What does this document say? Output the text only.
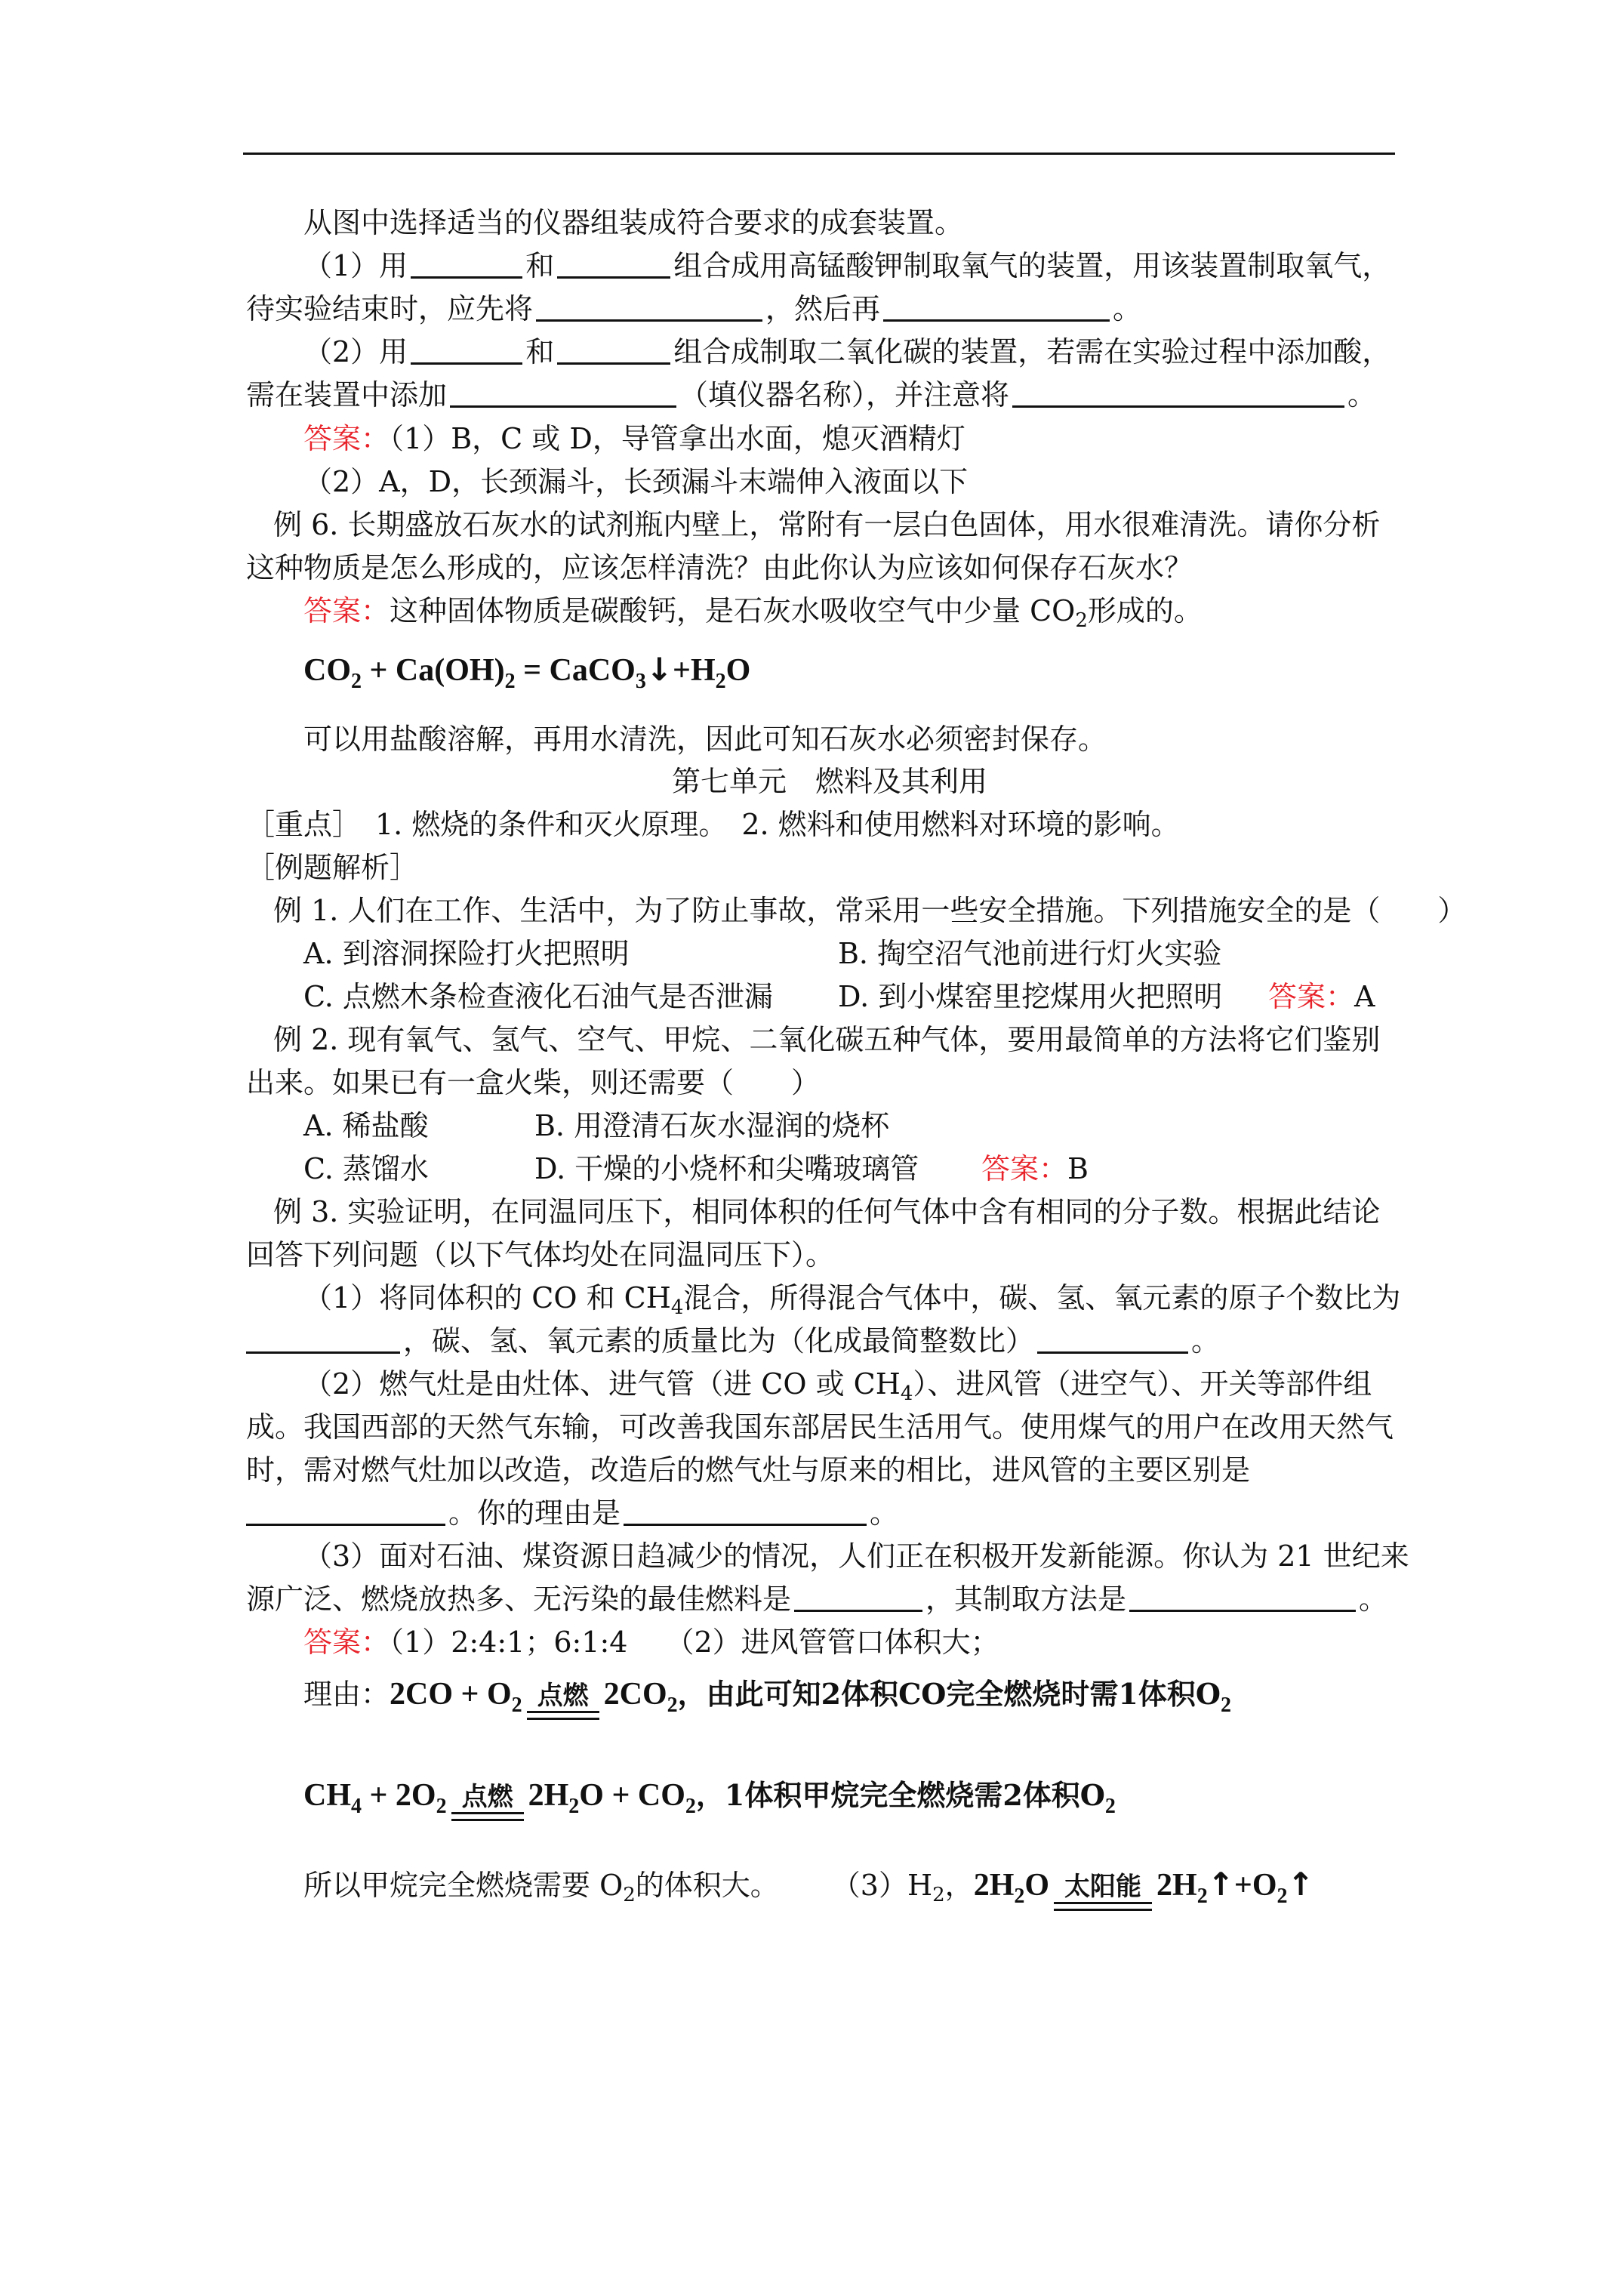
从图中选择适当的仪器组装成符合要求的成套装置。

（1）用	和	组合成用高锰酸钾制取氧气的装置，用该装置制取氧气，

待实验结束时，应先将	，然后再	。

（2）用	和	组合成制取二氧化碳的装置，若需在实验过程中添加酸，

需在装置中添加	（填仪器名称），并注意将	。

答案：（1）B，C 或 D，导管拿出水面，熄灭酒精灯

（2）A，D，长颈漏斗，长颈漏斗末端伸入液面以下

例 6. 长期盛放石灰水的试剂瓶内壁上，常附有一层白色固体，用水很难清洗。请你分析

这种物质是怎么形成的，应该怎样清洗？由此你认为应该如何保存石灰水？

答案：这种固体物质是碳酸钙，是石灰水吸收空气中少量 $CO_2$形成的。

$CO_2 + Ca(OH)_2$ = $CaCO_3↓+H_2O$

可以用盐酸溶解，再用水清洗，因此可知石灰水必须密封保存。

第七单元　燃料及其利用

［重点］　1. 燃烧的条件和灭火原理。　2. 燃料和使用燃料对环境的影响。

［例题解析］

例 1. 人们在工作、生活中，为了防止事故，常采用一些安全措施。下列措施安全的是（　　）

A. 到溶洞探险打火把照明	B. 掏空沼气池前进行灯火实验

C. 点燃木条检查液化石油气是否泄漏 D. 到小煤窑里挖煤用火把照明 答案：A

例 2. 现有氧气、氢气、空气、甲烷、二氧化碳五种气体，要用最简单的方法将它们鉴别

出来。如果已有一盒火柴，则还需要（　　）

A. 稀盐酸	B. 用澄清石灰水湿润的烧杯

C. 蒸馏水	D. 干燥的小烧杯和尖嘴玻璃管 答案：B

例 3. 实验证明，在同温同压下，相同体积的任何气体中含有相同的分子数。根据此结论

回答下列问题（以下气体均处在同温同压下）。

（1）将同体积的 CO 和 $CH_4$混合，所得混合气体中，碳、氢、氧元素的原子个数比为

，碳、氢、氧元素的质量比为（化成最简整数比）	。

（2）燃气灶是由灶体、进气管（进 CO 或 $CH_4$）、进风管（进空气）、开关等部件组

成。我国西部的天然气东输，可改善我国东部居民生活用气。使用煤气的用户在改用天然气

时，需对燃气灶加以改造，改造后的燃气灶与原来的相比，进风管的主要区别是

。你的理由是	。

（3）面对石油、煤资源日趋减少的情况，人们正在积极开发新能源。你认为 21 世纪来

源广泛、燃烧放热多、无污染的最佳燃料是	，其制取方法是	。

答案：（1）2:4:1；6:1:4 （2）进风管管口体积大；

理由：$2CO + O_2$ 点燃 $2CO_2$，由此可知2体积CO完全燃烧时需1体积$O_2$

$CH_4 + 2O_2$ 点燃 $2H_2O + CO_2$，1体积甲烷完全燃烧需2体积$O_2$

所以甲烷完全燃烧需要 $O_2$的体积大。 $(3)H_2$，$2H_2O$ 太阳能 $2H_2↑+O_2↑$
